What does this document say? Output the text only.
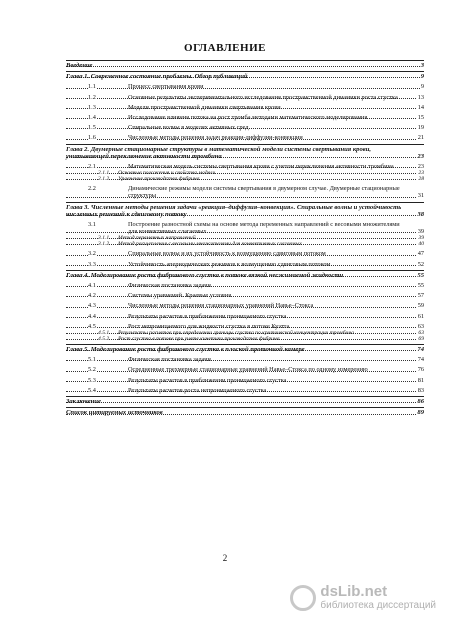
ОГЛАВЛЕНИЕ
Введение	3
Глава 1. Современное состояние проблемы. Обзор публикаций	9
1.1	Процесс свертывания крови	9
1.2	Основные результаты экспериментального исследования пространственной динамики роста сгустка	13
1.3	Модели пространственной динамики свертывания крови	14
1.4	Исследование влияния потока на рост тромба методами математического моделирования	15
1.5	Спиральные волны в моделях активных сред	19
1.6	Численные методы решения задач реакции-диффузии-конвекции	21
Глава 2. Двумерные стационарные структуры в математической модели системы свертывания крови, учитывающей переключение активности тромбина	23
2.1	Математическая модель системы свертывания крови с учетом переключения активности тромбина	23
2.1.1 Основные положения и свойства модели	23
2.1.2 Уравнение производства фибрина	28
2.2	Динамические режимы модели системы свертывания в двумерном случае. Двумерные стационарные структуры	31
Глава 3. Численные методы решения задачи «реакция–диффузия–конвекция». Спиральные волны и устойчивость численных решений к сдвиговому потоку	38
3.1	Построение разностной схемы на основе метода переменных направлений с весовыми множителями для конвективных слагаемых	39
3.1.1 Метод переменных направлений	39
3.1.2 Метод расщепления с весовыми множителями для конвективных слагаемых	40
3.2	Спиральные волны и их устойчивость к возмущению сдвиговым потоком	47
3.3	Устойчивость апериодических режимов к возмущению сдвиговым потоком	52
Глава 4. Моделирование роста фибринового сгустка в потоке вязкой несжимаемой жидкости	55
4.1	Физическая постановка задачи	55
4.2	Системы уравнений. Краевые условия	57
4.3	Численные методы решения стационарных уравнений Навье–Стокса	59
4.4	Результаты расчетов в приближении проницаемого сгустка	61
4.5	Рост непроницаемого для жидкости сгустка в потоке Куэтта	63
4.5.1 Результаты расчетов при определении границы сгустка по критической концентрации тромбина	63
4.5.2 Рост сгустка в потоке при учете кинетики производства фибрина	69
Глава 5. Моделирование роста фибринового сгустка в плоской проточной камере	74
5.1	Физическая постановка задачи	74
5.2	Осредненные трехмерные стационарные уравнений Навье–Стокса по одному измерению	76
5.3	Результаты расчетов в приближении проницаемого сгустка	81
5.4	Результаты расчетов роста непроницаемого сгустка	83
Заключение	86
Список цитируемых источников	89
2
dsLib.net
библиотека диссертаций
